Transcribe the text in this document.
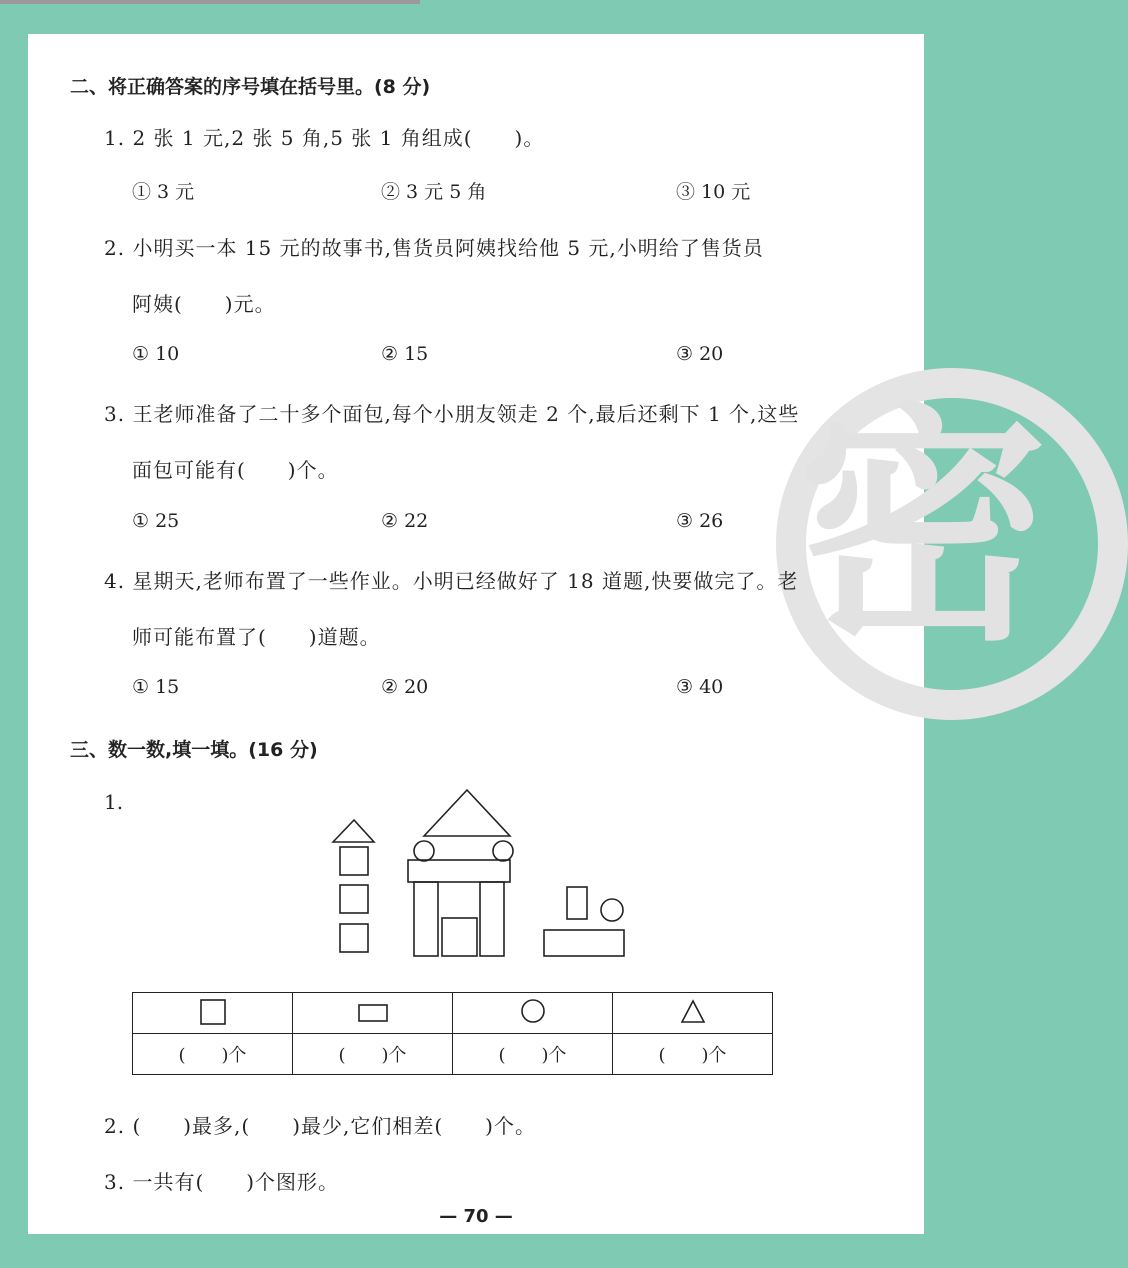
密
二、将正确答案的序号填在括号里。(8 分)
1. 2 张 1 元,2 张 5 角,5 张 1 角组成(　　)。
① 3 元	② 3 元 5 角	③ 10 元
2. 小明买一本 15 元的故事书,售货员阿姨找给他 5 元,小明给了售货员
阿姨(　　)元。
① 10	② 15	③ 20
3. 王老师准备了二十多个面包,每个小朋友领走 2 个,最后还剩下 1 个,这些
面包可能有(　　)个。
① 25	② 22	③ 26
4. 星期天,老师布置了一些作业。小明已经做好了 18 道题,快要做完了。老
师可能布置了(　　)道题。
① 15	② 20	③ 40
三、数一数,填一填。(16 分)
1.

(　　)个	(　　)个	(　　)个	(　　)个
2. (　　)最多,(　　)最少,它们相差(　　)个。
3. 一共有(　　)个图形。
— 70 —
